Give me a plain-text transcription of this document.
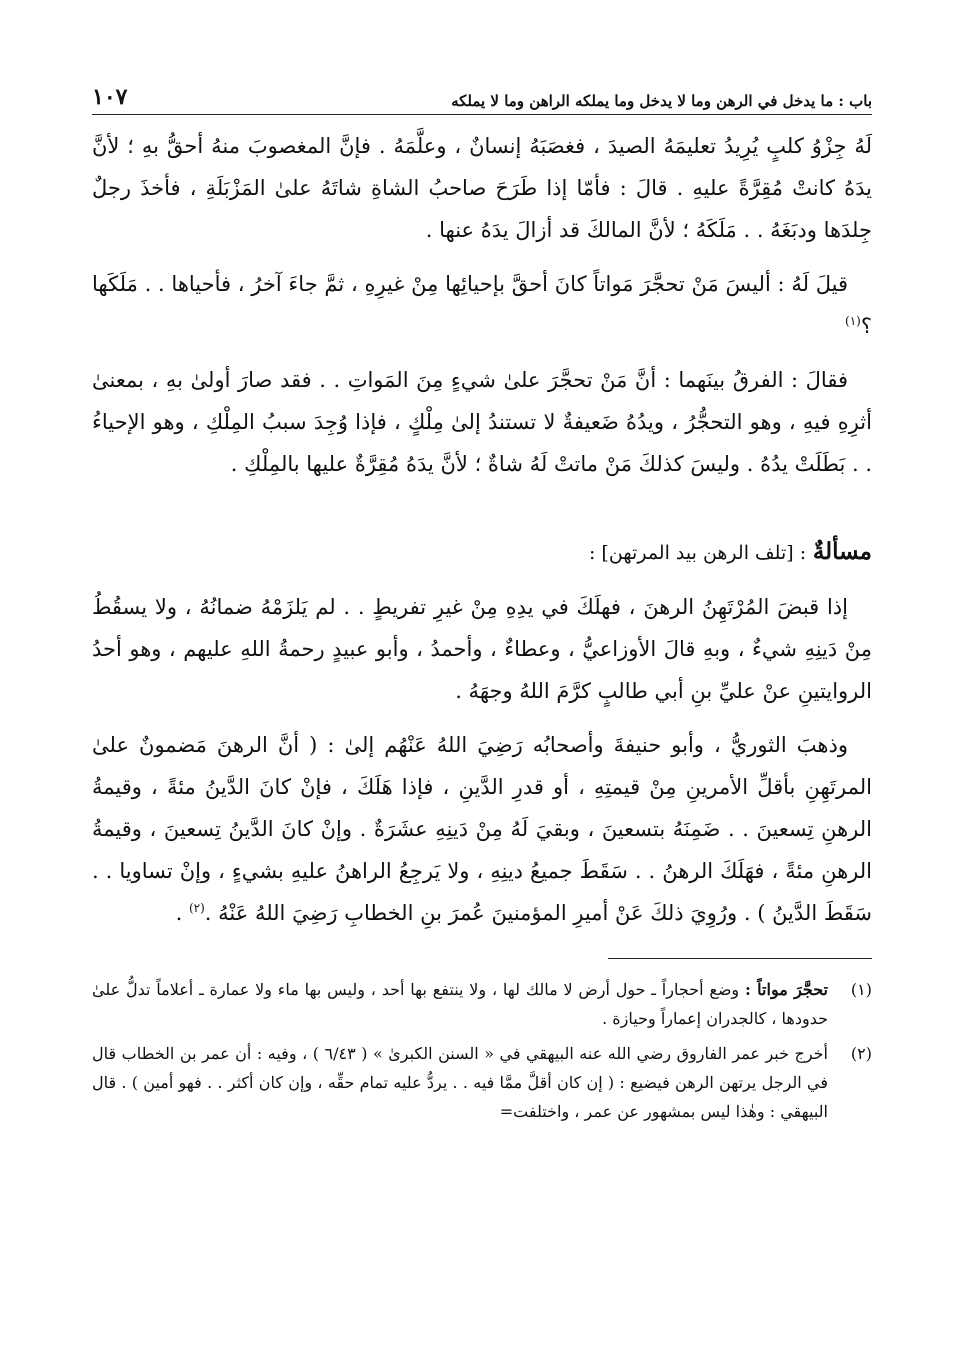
باب : ما يدخل في الرهن وما لا يدخل وما يملكه الراهن وما لا يملكه
١٠٧

لَهُ جِزْوُ كلبٍ يُرِيدُ تعليمَهُ الصيدَ ، فغصَبَهُ إنسانٌ ، وعلَّمَهُ . فإنَّ المغصوبَ منهُ أحقُّ بهِ ؛ لأنَّ يدَهُ كانتْ مُقِرَّةً عليهِ . قالَ : فأمّا إذا طَرَحَ صاحبُ الشاةِ شاتَهُ علىٰ المَزْبَلَةِ ، فأخذَ رجلٌ جِلدَها ودبَغَهُ . . مَلَكَهُ ؛ لأنَّ المالكَ قد أزالَ يدَهُ عنها .

قيلَ لَهُ : أليسَ مَنْ تحجَّرَ مَواتاً كانَ أحقَّ بإحيائِها مِنْ غيرِهِ ، ثمَّ جاءَ آخرُ ، فأحياها . . مَلَكَها ؟$^{(١)}$

فقالَ : الفرقُ بينَهما : أنَّ مَنْ تحجَّرَ علىٰ شيءٍ مِنَ المَواتِ . . فقد صارَ أولىٰ بهِ ، بمعنىٰ أثرِهِ فيهِ ، وهو التحجُّرُ ، ويدُهُ ضَعيفةٌ لا تستندُ إلىٰ مِلْكٍ ، فإذا وُجِدَ سببُ المِلْكِ ، وهو الإحياءُ . . بَطَلَتْ يدُهُ . وليسَ كذلكَ مَنْ ماتتْ لَهُ شاةٌ ؛ لأنَّ يدَهُ مُقِرَّةٌ عليها بالمِلْكِ .

مسألةٌ : [تلف الرهن بيد المرتهن] :

إذا قبضَ المُرْتَهِنُ الرهنَ ، فهلَكَ في يدِهِ مِنْ غيرِ تفريطٍ . . لم يَلزَمْهُ ضمانُهُ ، ولا يسقُطُ مِنْ دَينِهِ شيءٌ ، وبهِ قالَ الأوزاعيُّ ، وعطاءٌ ، وأحمدُ ، وأبو عبيدٍ رحمةُ اللهِ عليهم ، وهو أحدُ الروايتينِ عنْ عليِّ بنِ أبي طالبٍ كرَّمَ اللهُ وجهَهُ .

وذهبَ الثوريُّ ، وأبو حنيفةَ وأصحابُه رَضِيَ اللهُ عَنْهُم إلىٰ : ( أنَّ الرهنَ مَضمونٌ علىٰ المرتَهِنِ بأقلِّ الأمرينِ مِنْ قيمتِهِ ، أو قدرِ الدَّينِ ، فإذا هَلَكَ ، فإنْ كانَ الدَّينُ مئةً ، وقيمةُ الرهنِ تِسعينَ . . ضَمِنَهُ بتسعينَ ، وبقيَ لَهُ مِنْ دَينِهِ عشَرَةٌ . وإنْ كانَ الدَّينُ تِسعينَ ، وقيمةُ الرهنِ مئةً ، فهَلَكَ الرهنُ . . سَقَطَ جميعُ دينِهِ ، ولا يَرجِعُ الراهنُ عليهِ بشيءٍ ، وإنْ تساويا . . سَقَطَ الدَّينُ ) . ورُوِيَ ذلكَ عَنْ أميرِ المؤمنينَ عُمرَ بنِ الخطابِ رَضِيَ اللهُ عَنْهُ .$^{(٢)}$ .

(١)
تحجَّرَ مواتاً : وضع أحجاراً ـ حول أرض لا مالك لها ، ولا ينتفع بها أحد ، وليس بها ماء ولا عمارة ـ أعلاماً تدلُّ علىٰ حدودها ، كالجدران إعماراً وحيازة .
(٢)
أخرج خبر عمر الفاروق رضي الله عنه البيهقي في « السنن الكبرىٰ » ( ٦/٤٣ ) ، وفيه : أن عمر بن الخطاب قال في الرجل يرتهن الرهن فيضيع : ( إن كان أقلَّ ممَّا فيه . . يردُّ عليه تمام حقِّه ، وإن كان أكثر . . فهو أمين ) . قال البيهقي : وهٰذا ليس بمشهور عن عمر ، واختلفت=
